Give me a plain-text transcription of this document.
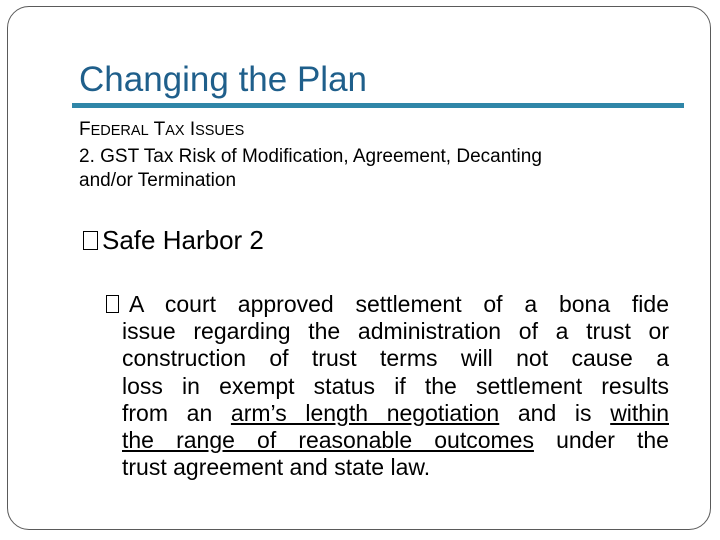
Changing the Plan
FEDERAL TAX ISSUES
2. GST Tax Risk of Modification, Agreement, Decanting
and/or Termination
Safe Harbor 2
A court approved settlement of a bona fide
issue regarding the administration of a trust or
construction of trust terms will not cause a
loss in exempt status if the settlement results
from an arm’s length negotiation and is within
the range of reasonable outcomes under the
trust agreement and state law.
